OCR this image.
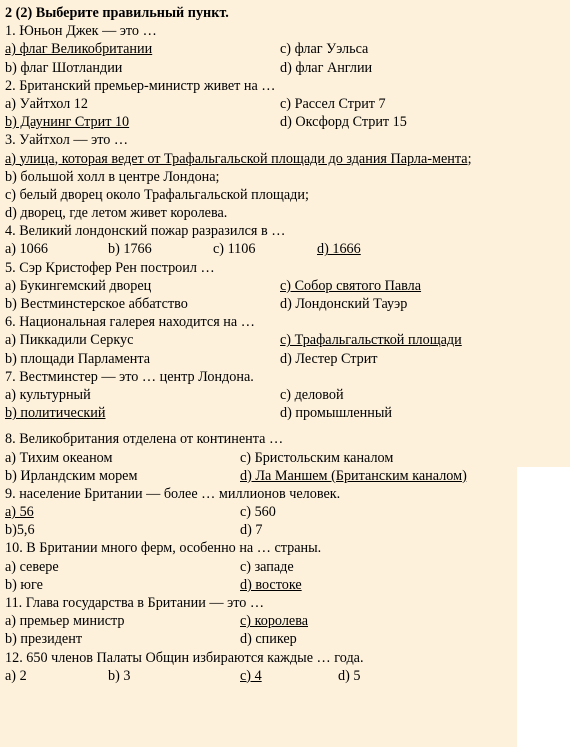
2 (2) Выберите правильный пункт.
1. Юньон Джек — это …
a) флаг Великобритании	c) флаг Уэльса
b) флаг Шотландии	d) флаг Англии
2. Британский премьер-министр живет на …
a) Уайтхол 12	c) Рассел Стрит 7
b) Даунинг Стрит 10	d) Оксфорд Стрит 15
3. Уайтхол — это …
a) улица, которая ведет от Трафальгальской площади до здания Парла-мента;
b) большой холл в центре Лондона;
c) белый дворец около Трафальгальской площади;
d) дворец, где летом живет королева.
4. Великий лондонский пожар разразился в …
a) 1066	b) 1766	c) 1106	d) 1666
5. Сэр Кристофер Рен построил …
a) Букингемский дворец	c) Собор святого Павла
b) Вестминстерское аббатство	d) Лондонский Тауэр
6. Национальная галерея находится на …
a) Пиккадили Серкус	c) Трафальгальсткой площади
b) площади Парламента	d) Лестер Стрит
7. Вестминстер — это … центр Лондона.
a) культурный	c) деловой
b) политический	d) промышленный
8. Великобритания отделена от континента …
a) Тихим океаном	c) Бристольским каналом
b) Ирландским морем	d) Ла Маншем (Британским каналом)
9. население Британии — более … миллионов человек.
a) 56	c) 560
b)5,6	d) 7
10. В Британии много ферм, особенно на … страны.
a) севере	c) западе
b) юге	d) востоке
11. Глава государства в Британии — это …
a) премьер министр	c) королева
b) президент	d) спикер
12. 650 членов Палаты Общин избираются каждые … года.
a) 2	b) 3	c) 4	d) 5
